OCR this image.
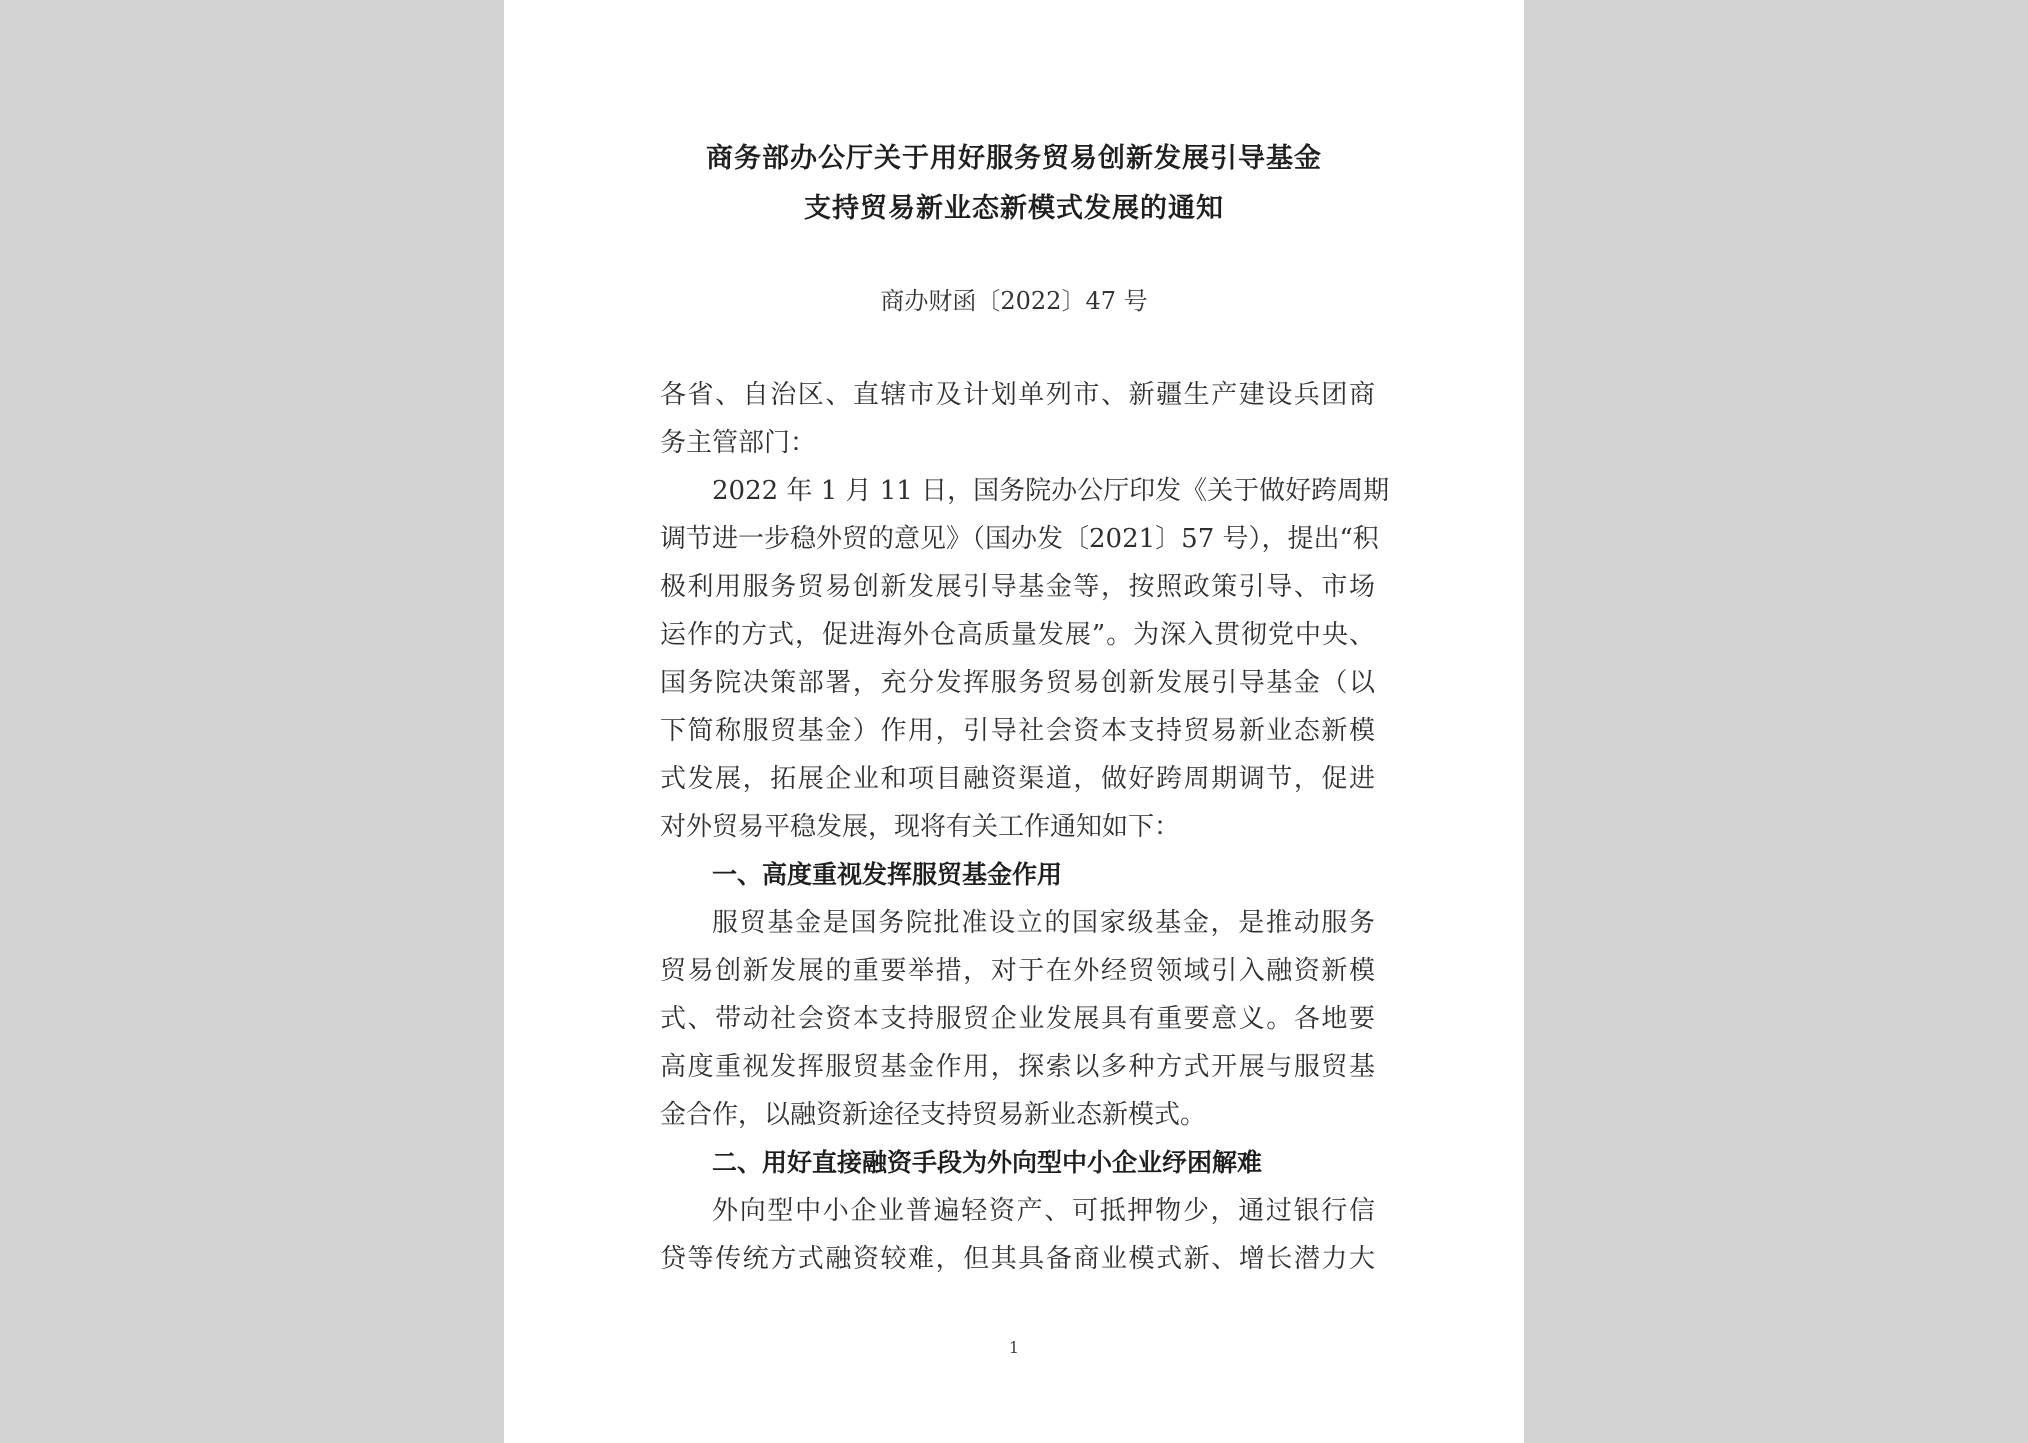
商务部办公厅关于用好服务贸易创新发展引导基金
支持贸易新业态新模式发展的通知
商办财函〔2022〕47 号
各省、自治区、直辖市及计划单列市、新疆生产建设兵团商
务主管部门：
2022 年 1 月 11 日，国务院办公厅印发《关于做好跨周期
调节进一步稳外贸的意见》（国办发〔2021〕57 号），提出“积
极利用服务贸易创新发展引导基金等，按照政策引导、市场
运作的方式，促进海外仓高质量发展”。为深入贯彻党中央、
国务院决策部署，充分发挥服务贸易创新发展引导基金（以
下简称服贸基金）作用，引导社会资本支持贸易新业态新模
式发展，拓展企业和项目融资渠道，做好跨周期调节，促进
对外贸易平稳发展，现将有关工作通知如下：
一、高度重视发挥服贸基金作用
服贸基金是国务院批准设立的国家级基金，是推动服务
贸易创新发展的重要举措，对于在外经贸领域引入融资新模
式、带动社会资本支持服贸企业发展具有重要意义。各地要
高度重视发挥服贸基金作用，探索以多种方式开展与服贸基
金合作，以融资新途径支持贸易新业态新模式。
二、用好直接融资手段为外向型中小企业纾困解难
外向型中小企业普遍轻资产、可抵押物少，通过银行信
贷等传统方式融资较难，但其具备商业模式新、增长潜力大
1
